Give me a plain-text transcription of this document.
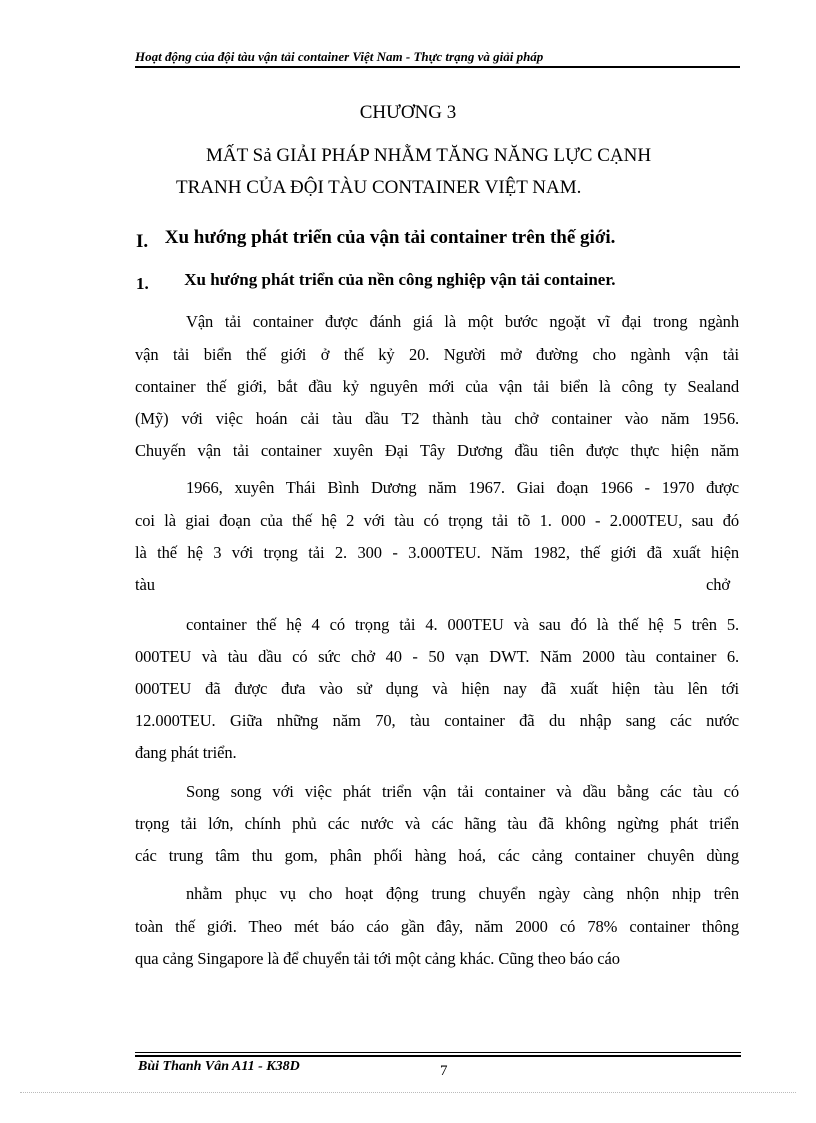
Hoạt động của đội tàu vận tải container Việt Nam - Thực trạng và giải pháp
CHƯƠNG 3
MẤT Sả GIẢI PHÁP NHẰM TĂNG NĂNG LỰC CẠNH
TRANH CỦA ĐỘI TÀU CONTAINER VIỆT NAM.
I. Xu hướng phát triển của vận tải container trên thế giới.
1. Xu hướng phát triển của nền công nghiệp vận tải container.
Vận tải container được đánh giá là một bước ngoặt vĩ đại trong ngành
vận tải biển thế giới ở thế kỷ 20. Người mở đường cho ngành vận tải
container thế giới, bắt đầu kỷ nguyên mới của vận tải biển là công ty Sealand
(Mỹ) với việc hoán cải tàu dầu T2 thành tàu chở container vào năm 1956.
Chuyến vận tải container xuyên Đại Tây Dương đầu tiên được thực hiện năm
1966, xuyên Thái Bình Dương năm 1967. Giai đoạn 1966 - 1970 được
coi là giai đoạn của thế hệ 2 với tàu có trọng tải tõ 1. 000 - 2.000TEU, sau đó
là thế hệ 3 với trọng tải 2. 300 - 3.000TEU. Năm 1982, thế giới đã xuất hiện
tàu	chở
container thế hệ 4 có trọng tải 4. 000TEU và sau đó là thế hệ 5 trên 5.
000TEU và tàu dầu có sức chở 40 - 50 vạn DWT. Năm 2000 tàu container 6.
000TEU đã được đưa vào sử dụng và hiện nay đã xuất hiện tàu lên tới
12.000TEU. Giữa những năm 70, tàu container đã du nhập sang các nước
đang phát triển.
Song song với việc phát triển vận tải container và dầu bằng các tàu có
trọng tải lớn, chính phủ các nước và các hãng tàu đã không ngừng phát triển
các trung tâm thu gom, phân phối hàng hoá, các cảng container chuyên dùng
nhằm phục vụ cho hoạt động trung chuyển ngày càng nhộn nhịp trên
toàn thế giới. Theo mét báo cáo gần đây, năm 2000 có 78% container thông
qua cảng Singapore là để chuyển tải tới một cảng khác. Cũng theo báo cáo
Bùi Thanh Vân A11 - K38D	7
